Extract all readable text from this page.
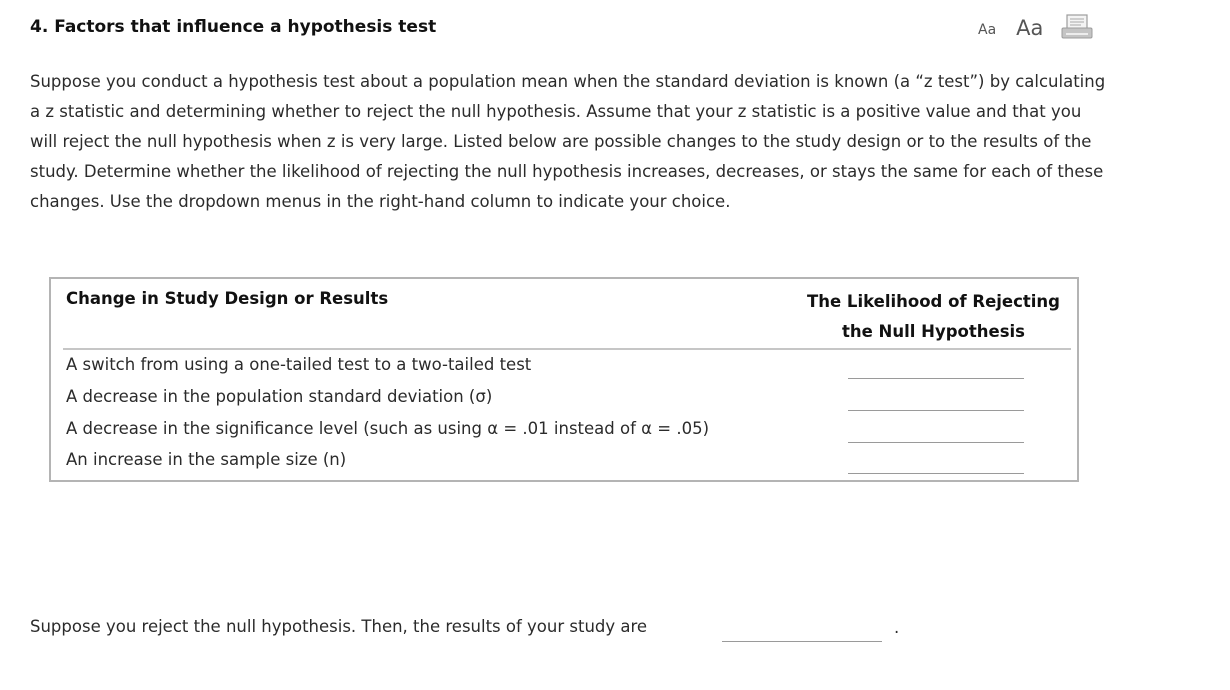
4. Factors that influence a hypothesis test	Aa Aa

Suppose you conduct a hypothesis test about a population mean when the standard deviation is known (a “z test”) by calculating a z statistic and determining whether to reject the null hypothesis. Assume that your z statistic is a positive value and that you will reject the null hypothesis when z is very large. Listed below are possible changes to the study design or to the results of the study. Determine whether the likelihood of rejecting the null hypothesis increases, decreases, or stays the same for each of these changes. Use the dropdown menus in the right-hand column to indicate your choice.

Change in Study Design or Results	The Likelihood of Rejecting
the Null Hypothesis
A switch from using a one-tailed test to a two-tailed test
A decrease in the population standard deviation (σ)
A decrease in the significance level (such as using α = .01 instead of α = .05)
An increase in the sample size (n)
Suppose you reject the null hypothesis. Then, the results of your study are	.
